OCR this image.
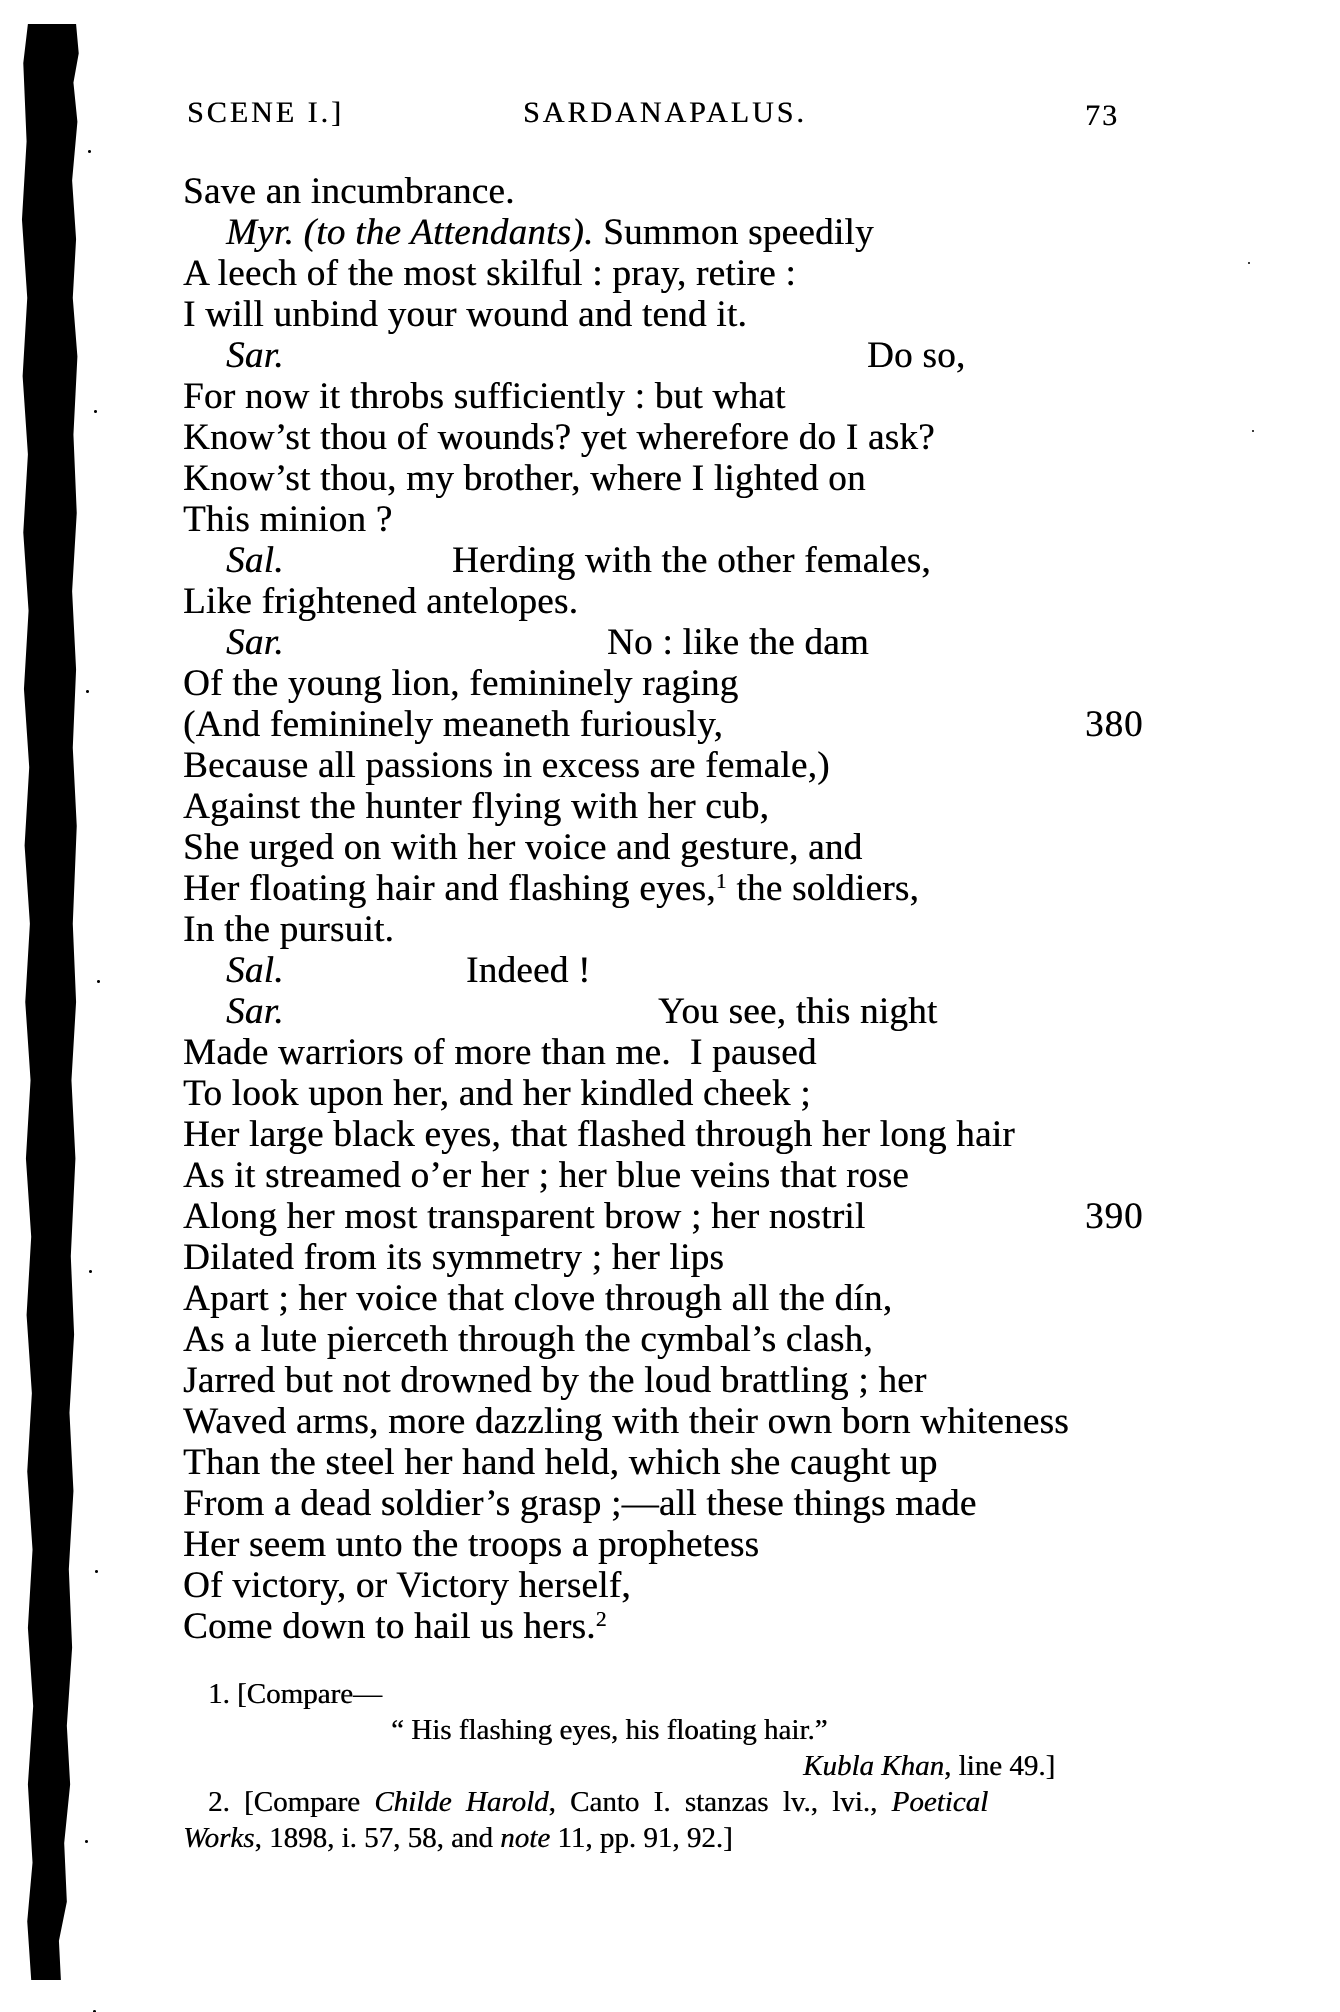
SCENE I.]	SARDANAPALUS.	73
Save an incumbrance.
Myr. (to the Attendants). Summon speedily
A leech of the most skilful : pray, retire :
I will unbind your wound and tend it.
Sar.	Do so,
For now it throbs sufficiently : but what
Know’st thou of wounds? yet wherefore do I ask?
Know’st thou, my brother, where I lighted on
This minion ?
Sal.	Herding with the other females,
Like frightened antelopes.
Sar.	No : like the dam
Of the young lion, femininely raging
(And femininely meaneth furiously,	380
Because all passions in excess are female,)
Against the hunter flying with her cub,
She urged on with her voice and gesture, and
Her floating hair and flashing eyes,$^1$ the soldiers,
In the pursuit.
Sal.	Indeed !
Sar.	You see, this night
Made warriors of more than me.  I paused
To look upon her, and her kindled cheek ;
Her large black eyes, that flashed through her long hair
As it streamed o’er her ; her blue veins that rose
Along her most transparent brow ; her nostril	390
Dilated from its symmetry ; her lips
Apart ; her voice that clove through all the dín,
As a lute pierceth through the cymbal’s clash,
Jarred but not drowned by the loud brattling ; her
Waved arms, more dazzling with their own born whiteness
Than the steel her hand held, which she caught up
From a dead soldier’s grasp ;—all these things made
Her seem unto the troops a prophetess
Of victory, or Victory herself,
Come down to hail us hers.$^2$
1. [Compare—
“ His flashing eyes, his floating hair.”
Kubla Khan, line 49.]
2. [Compare Childe Harold, Canto I. stanzas lv., lvi., Poetical
Works, 1898, i. 57, 58, and note 11, pp. 91, 92.]
